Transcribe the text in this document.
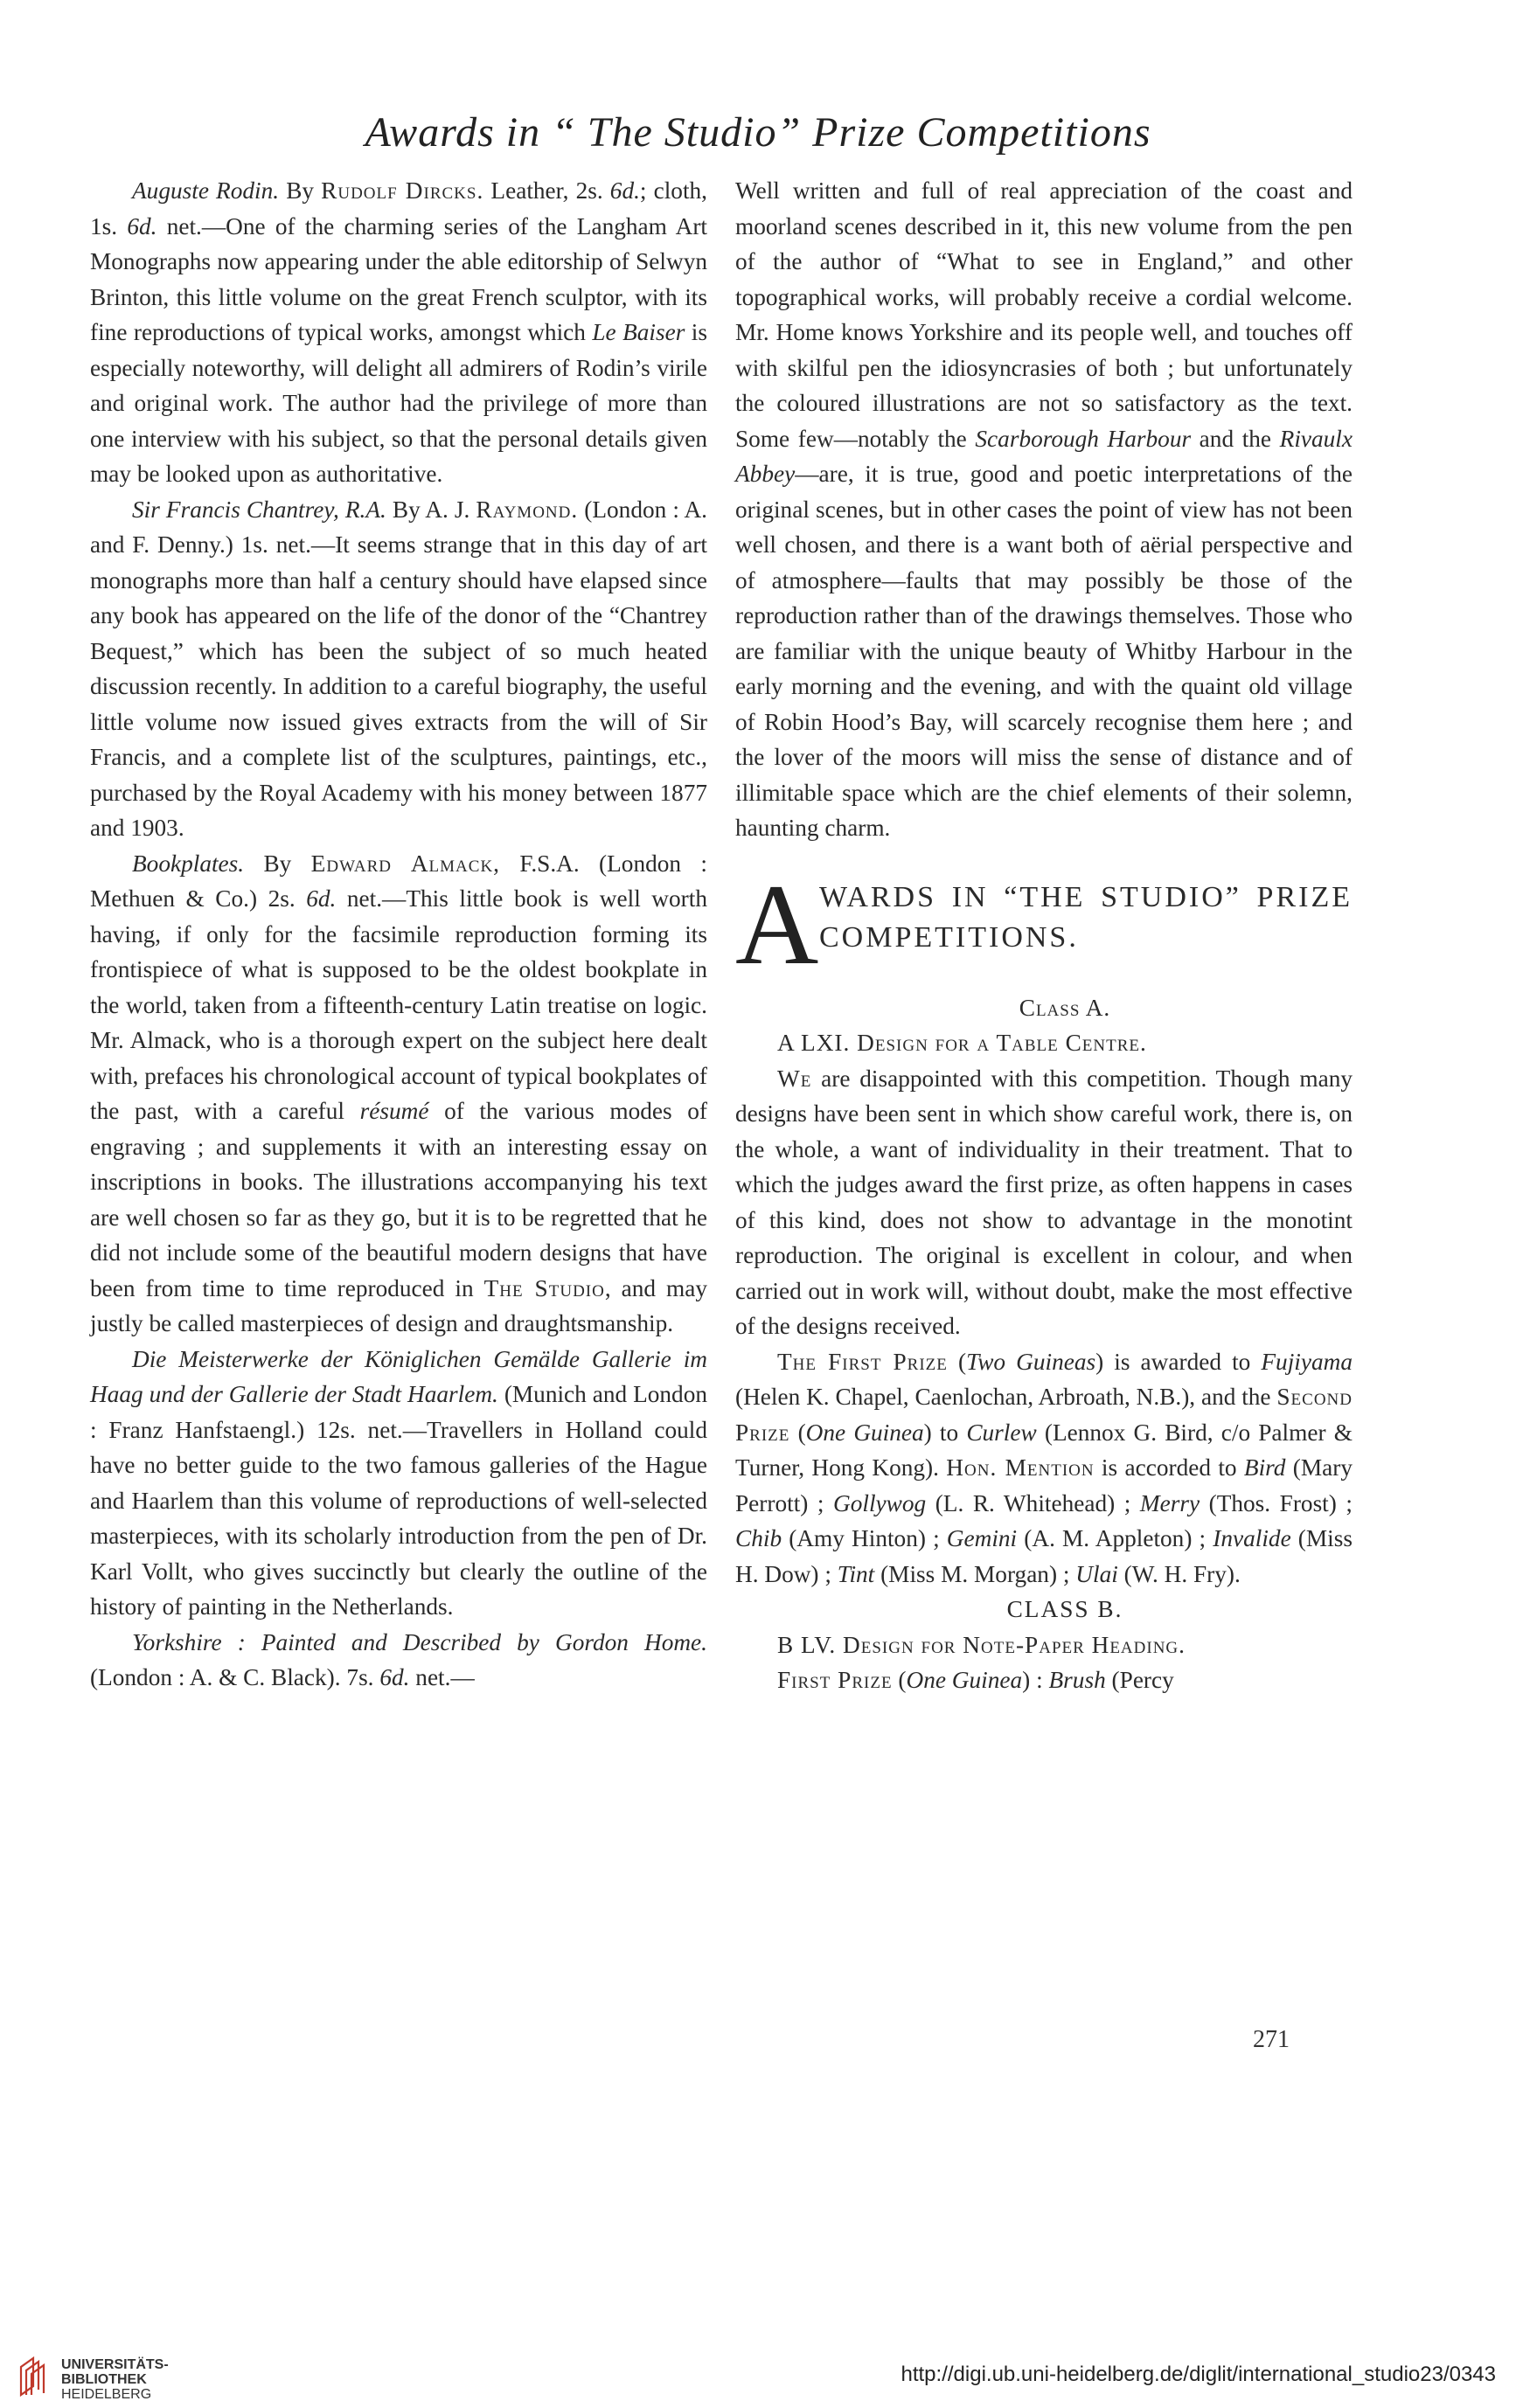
Awards in “ The Studio” Prize Competitions

Auguste Rodin. By Rudolf Dircks. Leather, 2s. 6d.; cloth, 1s. 6d. net.—One of the charming series of the Langham Art Monographs now appearing under the able editorship of Selwyn Brinton, this little volume on the great French sculptor, with its fine reproductions of typical works, amongst which Le Baiser is especially noteworthy, will delight all admirers of Rodin’s virile and original work. The author had the privilege of more than one interview with his subject, so that the personal details given may be looked upon as authoritative.

Sir Francis Chantrey, R.A. By A. J. Raymond. (London : A. and F. Denny.) 1s. net.—It seems strange that in this day of art monographs more than half a century should have elapsed since any book has appeared on the life of the donor of the “Chantrey Bequest,” which has been the subject of so much heated discussion recently. In addition to a careful biography, the useful little volume now issued gives extracts from the will of Sir Francis, and a complete list of the sculptures, paintings, etc., purchased by the Royal Academy with his money between 1877 and 1903.

Bookplates. By Edward Almack, F.S.A. (London : Methuen & Co.) 2s. 6d. net.—This little book is well worth having, if only for the facsimile reproduction forming its frontispiece of what is supposed to be the oldest bookplate in the world, taken from a fifteenth-century Latin treatise on logic. Mr. Almack, who is a thorough expert on the subject here dealt with, prefaces his chronological account of typical bookplates of the past, with a careful résumé of the various modes of engraving ; and supplements it with an interesting essay on inscriptions in books. The illustrations accompanying his text are well chosen so far as they go, but it is to be regretted that he did not include some of the beautiful modern designs that have been from time to time reproduced in The Studio, and may justly be called masterpieces of design and draughtsmanship.

Die Meisterwerke der Königlichen Gemälde Gallerie im Haag und der Gallerie der Stadt Haarlem. (Munich and London : Franz Hanfstaengl.) 12s. net.—Travellers in Holland could have no better guide to the two famous galleries of the Hague and Haarlem than this volume of reproductions of well-selected masterpieces, with its scholarly introduction from the pen of Dr. Karl Vollt, who gives succinctly but clearly the outline of the history of painting in the Netherlands.

Yorkshire : Painted and Described by Gordon Home. (London : A. & C. Black). 7s. 6d. net.—

Well written and full of real appreciation of the coast and moorland scenes described in it, this new volume from the pen of the author of “What to see in England,” and other topographical works, will probably receive a cordial welcome. Mr. Home knows Yorkshire and its people well, and touches off with skilful pen the idiosyncrasies of both ; but unfortunately the coloured illustrations are not so satisfactory as the text. Some few—notably the Scarborough Harbour and the Rivaulx Abbey—are, it is true, good and poetic interpretations of the original scenes, but in other cases the point of view has not been well chosen, and there is a want both of aërial perspective and of atmosphere—faults that may possibly be those of the reproduction rather than of the drawings themselves. Those who are familiar with the unique beauty of Whitby Harbour in the early morning and the evening, and with the quaint old village of Robin Hood’s Bay, will scarcely recognise them here ; and the lover of the moors will miss the sense of distance and of illimitable space which are the chief elements of their solemn, haunting charm.

A WARDS IN “THE STUDIO” PRIZE COMPETITIONS.

Class A.

A LXI. Design for a Table Centre.

We are disappointed with this competition. Though many designs have been sent in which show careful work, there is, on the whole, a want of individuality in their treatment. That to which the judges award the first prize, as often happens in cases of this kind, does not show to advantage in the monotint reproduction. The original is excellent in colour, and when carried out in work will, without doubt, make the most effective of the designs received.

The First Prize (Two Guineas) is awarded to Fujiyama (Helen K. Chapel, Caenlochan, Arbroath, N.B.), and the Second Prize (One Guinea) to Curlew (Lennox G. Bird, c/o Palmer & Turner, Hong Kong). Hon. Mention is accorded to Bird (Mary Perrott) ; Gollywog (L. R. Whitehead) ; Merry (Thos. Frost) ; Chib (Amy Hinton) ; Gemini (A. M. Appleton) ; Invalide (Miss H. Dow) ; Tint (Miss M. Morgan) ; Ulai (W. H. Fry).

CLASS B.

B LV. Design for Note-Paper Heading.

First Prize (One Guinea) : Brush (Percy

271
UNIVERSITÄTS-
BIBLIOTHEK
HEIDELBERG
http://digi.ub.uni-heidelberg.de/diglit/international_studio23/0343
